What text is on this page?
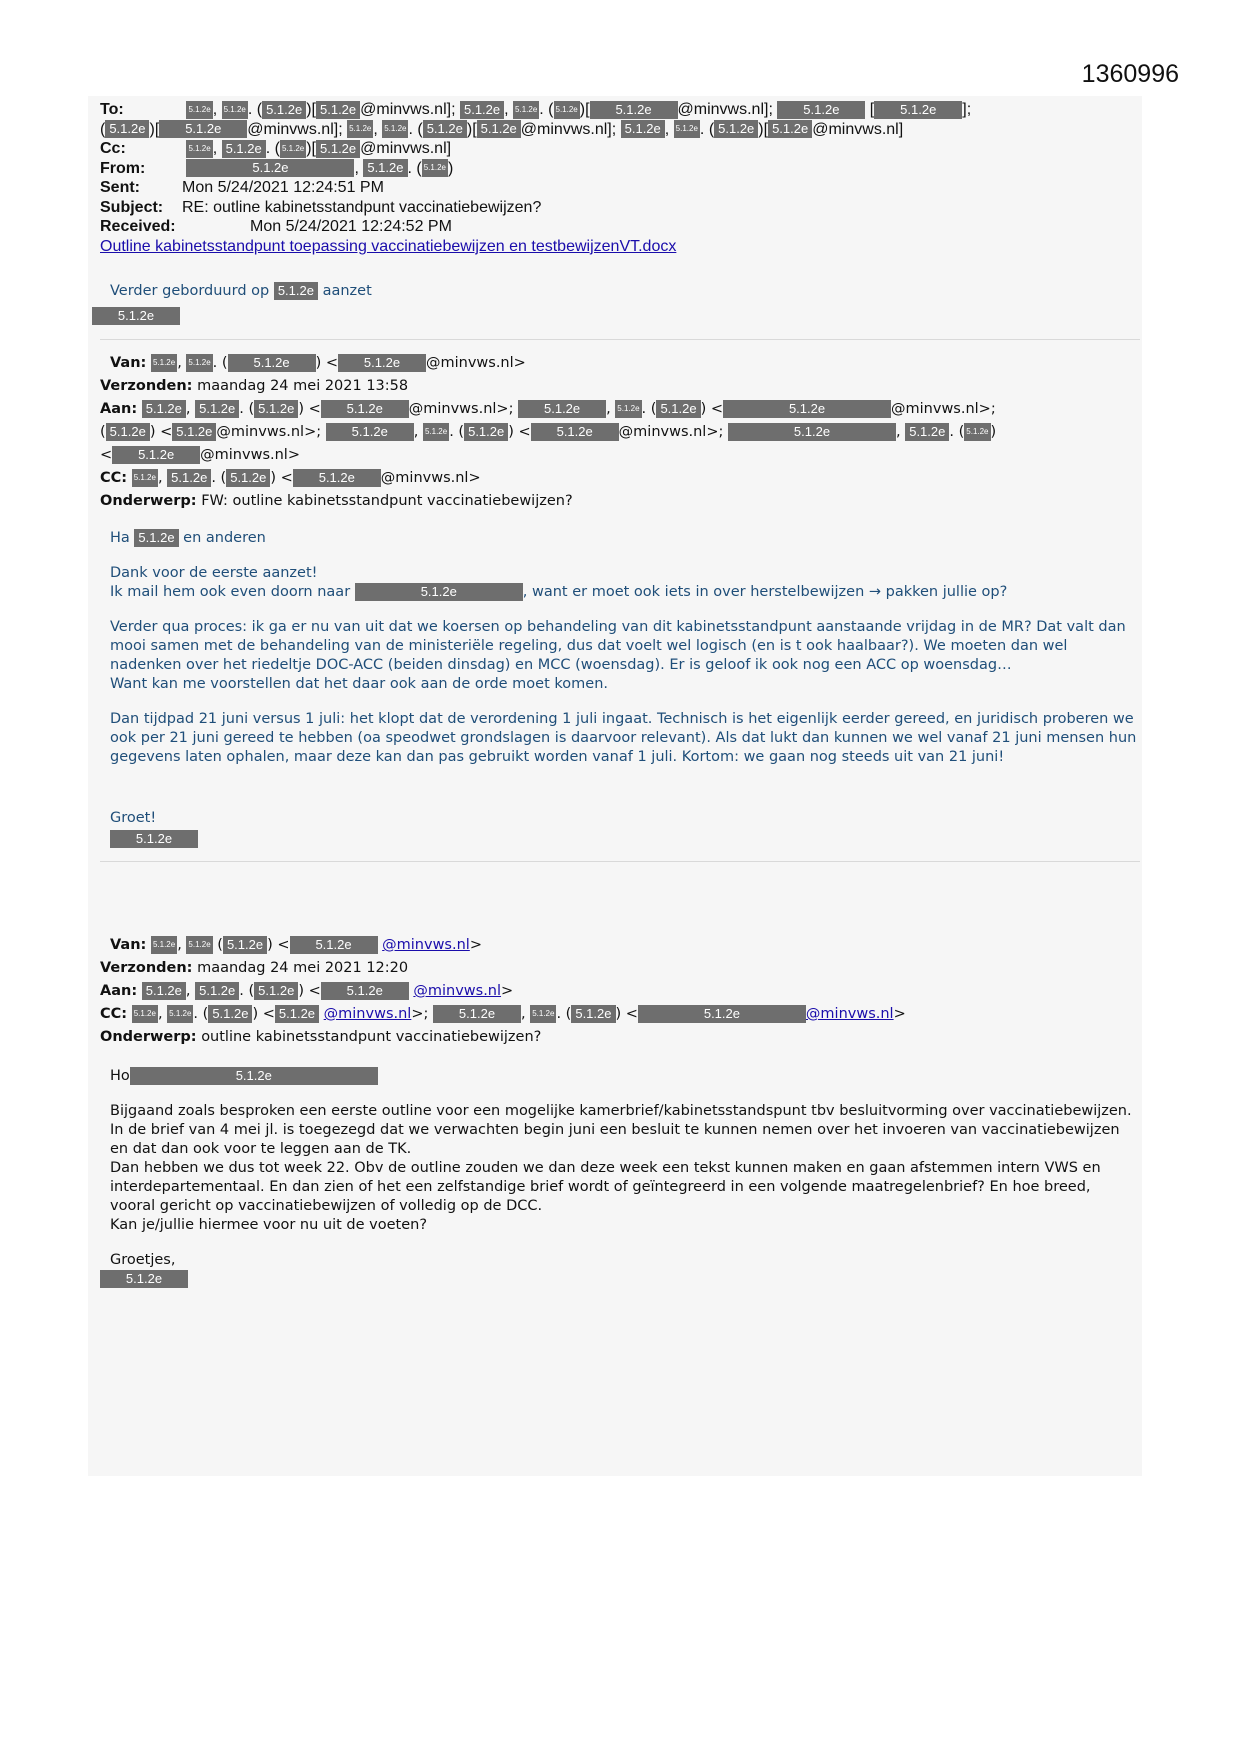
1360996
To:	5.1.2e , 5.1.2e . ( 5.1.2e )[ 5.1.2e @minvws.nl]; 5.1.2e , 5.1.2e . ( 5.1.2e )[ 5.1.2e @minvws.nl]; 5.1.2e [ 5.1.2e ];
( 5.1.2e )[ 5.1.2e @minvws.nl]; 5.1.2e , 5.1.2e . ( 5.1.2e )[ 5.1.2e @minvws.nl]; 5.1.2e , 5.1.2e . ( 5.1.2e )[ 5.1.2e @minvws.nl]
Cc:	5.1.2e , 5.1.2e . ( 5.1.2e )[ 5.1.2e @minvws.nl]
From:	5.1.2e	, 5.1.2e . ( 5.1.2e )
Sent:	Mon 5/24/2021 12:24:51 PM
Subject: RE: outline kabinetsstandpunt vaccinatiebewijzen?
Received:	Mon 5/24/2021 12:24:52 PM
Outline kabinetsstandpunt toepassing vaccinatiebewijzen en testbewijzenVT.docx

Verder geborduurd op 5.1.2e aanzet

5.1.2e
Van: 5.1.2e , 5.1.2e . ( 5.1.2e ) < 5.1.2e @minvws.nl>
Verzonden: maandag 24 mei 2021 13:58
Aan: 5.1.2e , 5.1.2e . ( 5.1.2e ) < 5.1.2e @minvws.nl>; 5.1.2e , 5.1.2e . ( 5.1.2e ) <	5.1.2e	@minvws.nl>;
( 5.1.2e ) < 5.1.2e @minvws.nl>; 5.1.2e , 5.1.2e . ( 5.1.2e ) < 5.1.2e @minvws.nl>;	5.1.2e	, 5.1.2e . ( 5.1.2e )
< 5.1.2e @minvws.nl>
CC: 5.1.2e , 5.1.2e . ( 5.1.2e ) < 5.1.2e @minvws.nl>
Onderwerp: FW: outline kabinetsstandpunt vaccinatiebewijzen?

Ha 5.1.2e en anderen

Dank voor de eerste aanzet!

Ik mail hem ook even doorn naar	5.1.2e	, want er moet ook iets in over herstelbewijzen → pakken jullie op?

Verder qua proces: ik ga er nu van uit dat we koersen op behandeling van dit kabinetsstandpunt aanstaande vrijdag in de MR? Dat valt dan mooi samen met de behandeling van de ministeriële regeling, dus dat voelt wel logisch (en is t ook haalbaar?). We moeten dan wel nadenken over het riedeltje DOC-ACC (beiden dinsdag) en MCC (woensdag). Er is geloof ik ook nog een ACC op woensdag…

Want kan me voorstellen dat het daar ook aan de orde moet komen.

Dan tijdpad 21 juni versus 1 juli: het klopt dat de verordening 1 juli ingaat. Technisch is het eigenlijk eerder gereed, en juridisch proberen we ook per 21 juni gereed te hebben (oa speodwet grondslagen is daarvoor relevant). Als dat lukt dan kunnen we wel vanaf 21 juni mensen hun gegevens laten ophalen, maar deze kan dan pas gebruikt worden vanaf 1 juli. Kortom: we gaan nog steeds uit van 21 juni!

Groet!

5.1.2e
Van: 5.1.2e , 5.1.2e ( 5.1.2e ) < 5.1.2e @minvws.nl>
Verzonden: maandag 24 mei 2021 12:20
Aan: 5.1.2e , 5.1.2e . ( 5.1.2e ) < 5.1.2e @minvws.nl>
CC: 5.1.2e , 5.1.2e . ( 5.1.2e ) < 5.1.2e @minvws.nl>; 5.1.2e , 5.1.2e . ( 5.1.2e ) <	5.1.2e	@minvws.nl>
Onderwerp: outline kabinetsstandpunt vaccinatiebewijzen?

Ho	5.1.2e

Bijgaand zoals besproken een eerste outline voor een mogelijke kamerbrief/kabinetsstandspunt tbv besluitvorming over vaccinatiebewijzen.

In de brief van 4 mei jl. is toegezegd dat we verwachten begin juni een besluit te kunnen nemen over het invoeren van vaccinatiebewijzen en dat dan ook voor te leggen aan de TK.

Dan hebben we dus tot week 22. Obv de outline zouden we dan deze week een tekst kunnen maken en gaan afstemmen intern VWS en interdepartementaal. En dan zien of het een zelfstandige brief wordt of geïntegreerd in een volgende maatregelenbrief? En hoe breed, vooral gericht op vaccinatiebewijzen of volledig op de DCC.

Kan je/jullie hiermee voor nu uit de voeten?

Groetjes,

5.1.2e
